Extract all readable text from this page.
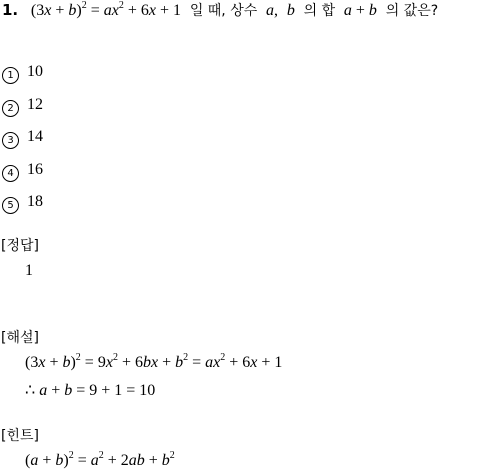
1. $(3x + b)^2 = ax^2 + 6x + 1$ 일 때, 상수 a, b 의 합 a + b 의 값은?
1 10
2 12
3 14
4 16
5 18
[정답]
1
[해설]
$(3x + b)^2 = 9x^2 + 6bx + b^2 = ax^2 + 6x + 1$
∴ a + b = 9 + 1 = 10
[힌트]
$(a + b)^2 = a^2 + 2ab + b^2$
